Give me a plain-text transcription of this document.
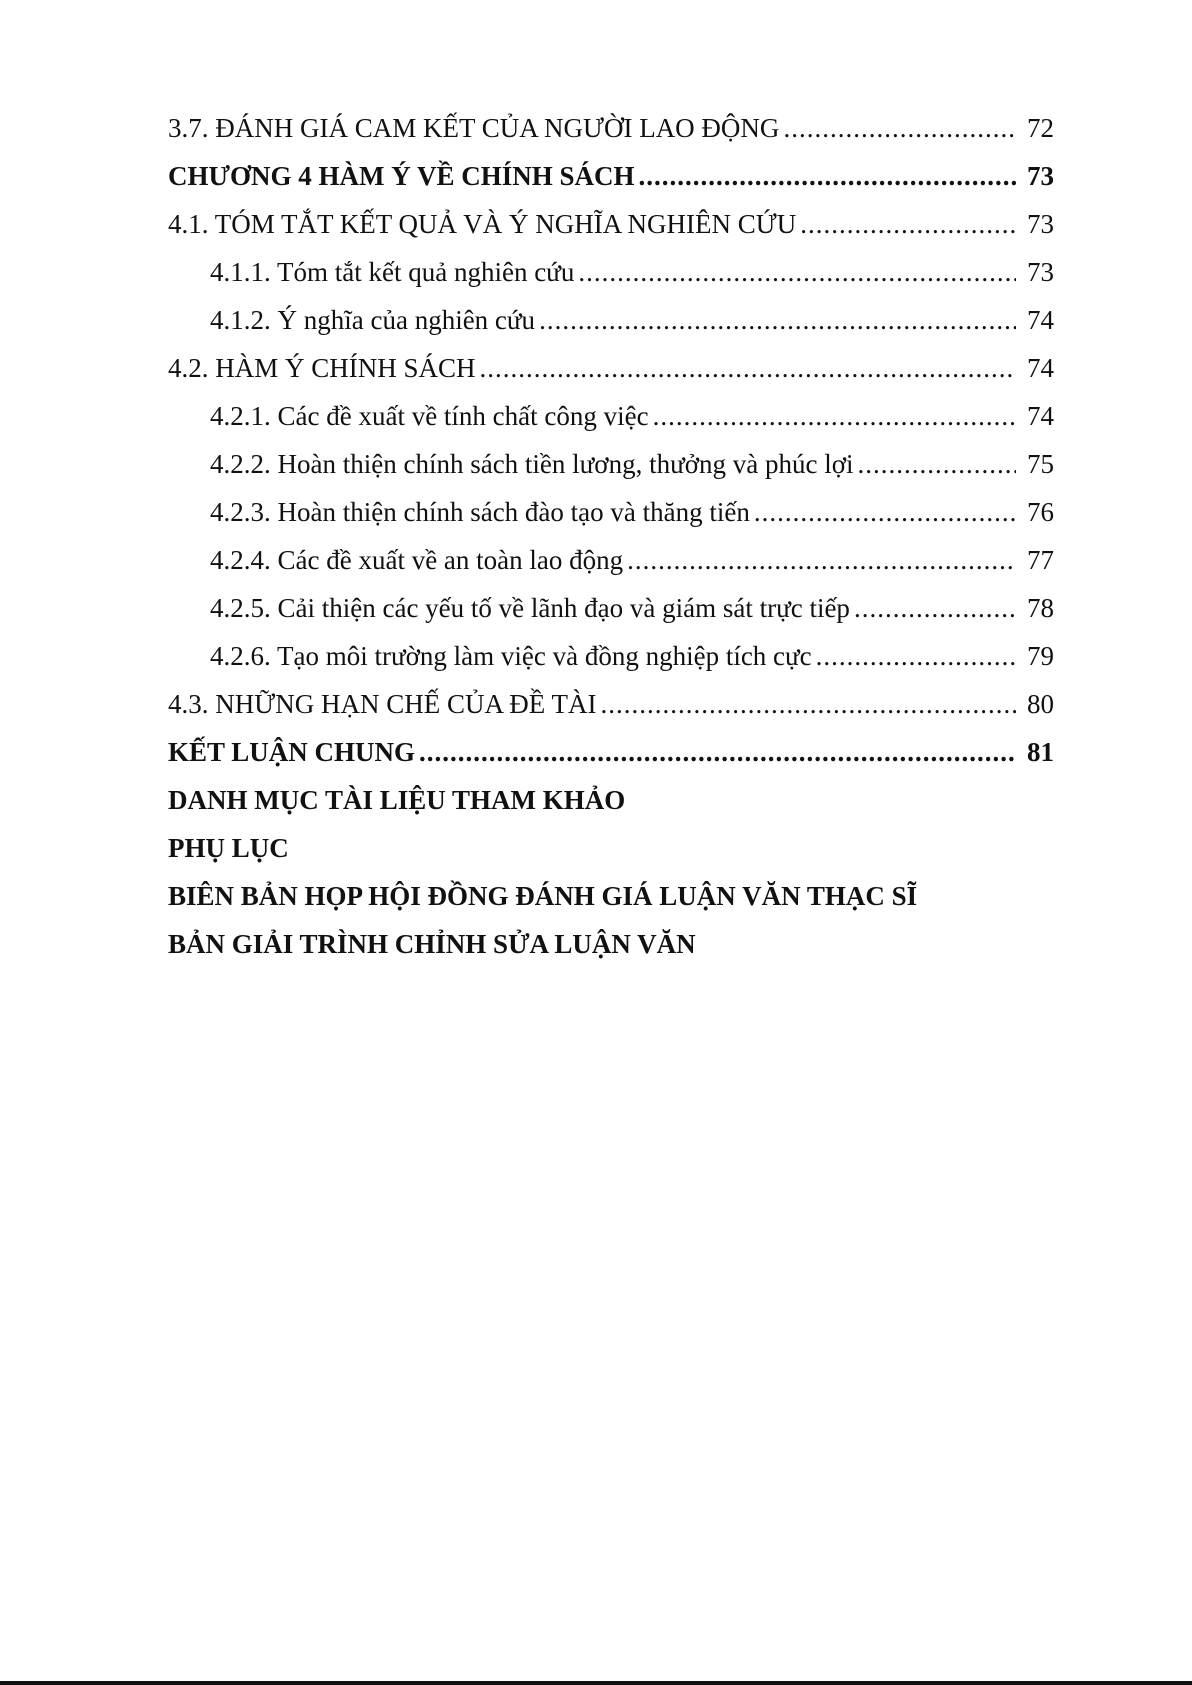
3.7. ĐÁNH GIÁ CAM KẾT CỦA NGƯỜI LAO ĐỘNG .....	72
CHƯƠNG 4 HÀM Ý VỀ CHÍNH SÁCH .....	73
4.1. TÓM TẮT KẾT QUẢ VÀ Ý NGHĨA NGHIÊN CỨU .....	73
4.1.1. Tóm tắt kết quả nghiên cứu .....	73
4.1.2. Ý nghĩa của nghiên cứu .....	74
4.2. HÀM Ý CHÍNH SÁCH .....	74
4.2.1. Các đề xuất về tính chất công việc .....	74
4.2.2. Hoàn thiện chính sách tiền lương, thưởng và phúc lợi .....	75
4.2.3. Hoàn thiện chính sách đào tạo và thăng tiến .....	76
4.2.4. Các đề xuất về an toàn lao động .....	77
4.2.5. Cải thiện các yếu tố về lãnh đạo và giám sát trực tiếp .....	78
4.2.6. Tạo môi trường làm việc và đồng nghiệp tích cực .....	79
4.3. NHỮNG HẠN CHẾ CỦA ĐỀ TÀI .....	80
KẾT LUẬN CHUNG .....	81
DANH MỤC TÀI LIỆU THAM KHẢO
PHỤ LỤC
BIÊN BẢN HỌP HỘI ĐỒNG ĐÁNH GIÁ LUẬN VĂN THẠC SĨ
BẢN GIẢI TRÌNH CHỈNH SỬA LUẬN VĂN
